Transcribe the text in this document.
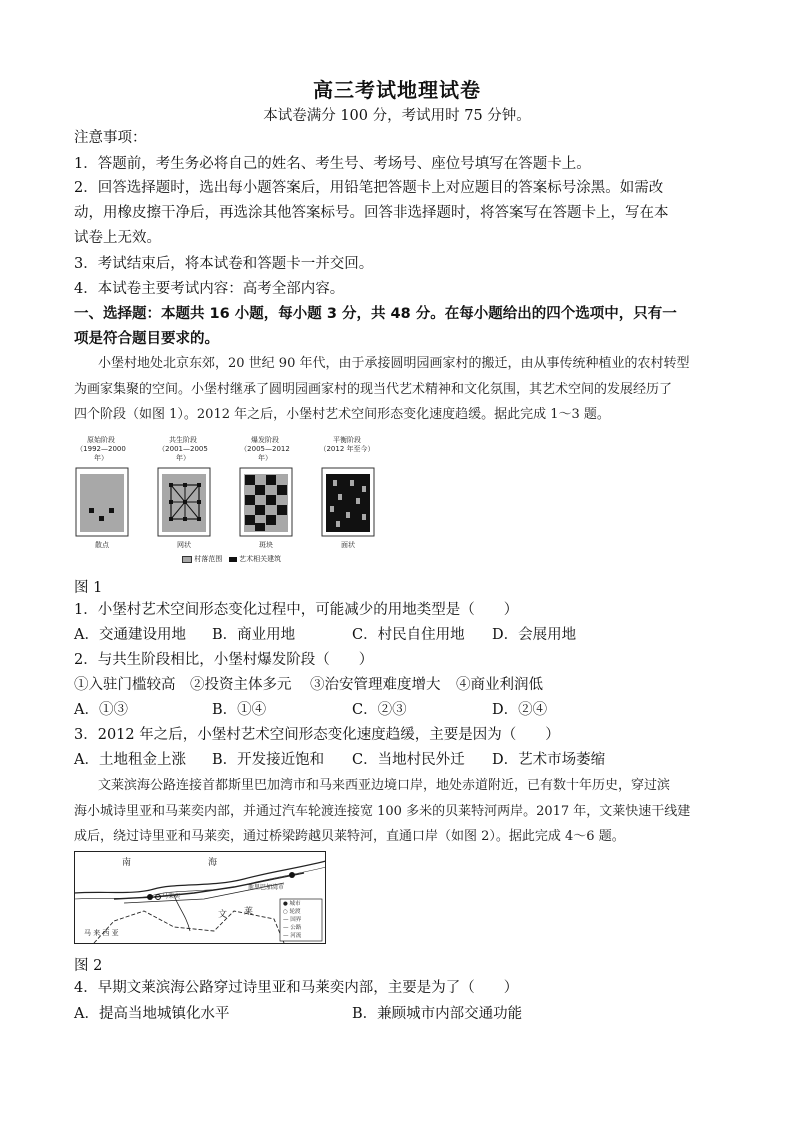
高三考试地理试卷
本试卷满分 100 分，考试用时 75 分钟。
注意事项：
1．答题前，考生务必将自己的姓名、考生号、考场号、座位号填写在答题卡上。
2．回答选择题时，选出每小题答案后，用铅笔把答题卡上对应题目的答案标号涂黑。如需改
动，用橡皮擦干净后，再选涂其他答案标号。回答非选择题时，将答案写在答题卡上，写在本
试卷上无效。
3．考试结束后，将本试卷和答题卡一并交回。
4．本试卷主要考试内容：高考全部内容。
一、选择题：本题共 16 小题，每小题 3 分，共 48 分。在每小题给出的四个选项中，只有一
项是符合题目要求的。
小堡村地处北京东郊，20 世纪 90 年代，由于承接圆明园画家村的搬迁，由从事传统种植业的农村转型
为画家集聚的空间。小堡村继承了圆明园画家村的现当代艺术精神和文化氛围，其艺术空间的发展经历了
四个阶段（如图 1）。2012 年之后，小堡村艺术空间形态变化速度趋缓。据此完成 1～3 题。
原始阶段
（1992—2000 年）
共生阶段
（2001—2005 年）
爆发阶段
（2005—2012 年）
平衡阶段
（2012 年至今）
散点	网状	斑块	面状
村落范围 艺术相关建筑
图 1
1．小堡村艺术空间形态变化过程中，可能减少的用地类型是（　　）
A．交通建设用地 B．商业用地	C．村民自住用地 D．会展用地
2．与共生阶段相比，小堡村爆发阶段（　　）
①入驻门槛较高 ②投资主体多元 ③治安管理难度增大 ④商业利润低
A．①③	B．①④	C．②③	D．②④
3．2012 年之后，小堡村艺术空间形态变化速度趋缓，主要是因为（　　）
A．土地租金上涨 B．开发接近饱和 C．当地村民外迁 D．艺术市场萎缩
文莱滨海公路连接首都斯里巴加湾市和马来西亚边境口岸，地处赤道附近，已有数十年历史，穿过滨
海小城诗里亚和马莱奕内部，并通过汽车轮渡连接宽 100 多米的贝莱特河两岸。2017 年，文莱快速干线建
成后，绕过诗里亚和马莱奕，通过桥梁跨越贝莱特河，直通口岸（如图 2）。据此完成 4～6 题。
南	海
文 莱
马 来 西 亚
马莱奕
斯里巴加湾市
● 城市
○ 轮渡
— 国界
— 公路
— 河流
图 2
4．早期文莱滨海公路穿过诗里亚和马莱奕内部，主要是为了（　　）
A．提高当地城镇化水平	B．兼顾城市内部交通功能
